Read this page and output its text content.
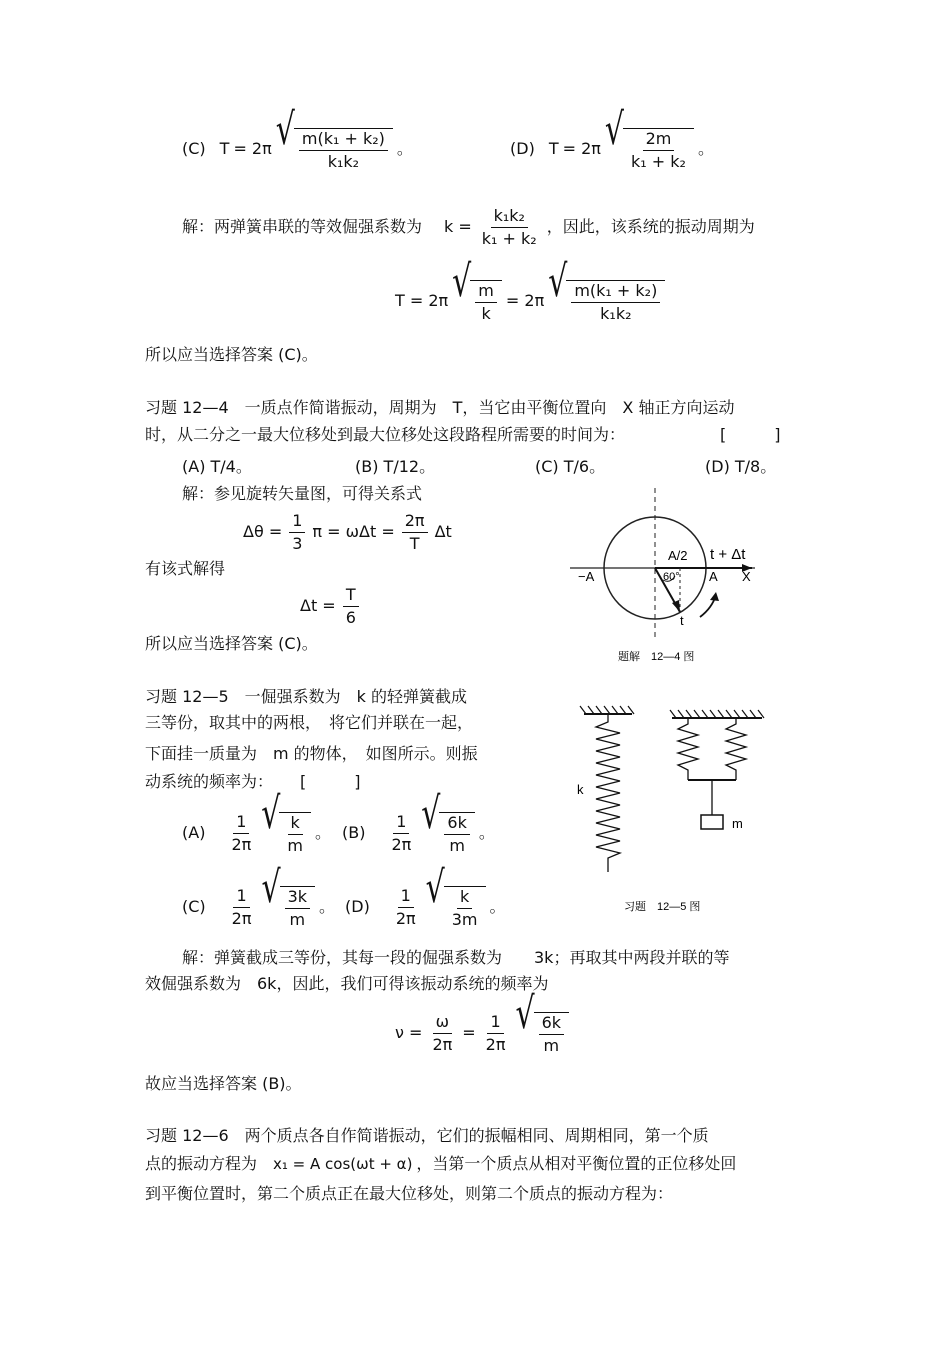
(C) T = 2π √ $\frac{\text{m(k₁ + k₂)}}{\text{k₁k₂}}$ 。	(D) T = 2π √ $\frac{2m}{\text{k₁ + k₂}}$ 。
解：两弹簧串联的等效倔强系数为 $k = \frac{\text{k₁k₂}}{\text{k₁ + k₂}}$ ，因此，该系统的振动周期为
T = 2π √ $\frac{m}{k} = 2\pi$ √ $\frac{\text{m(k₁ + k₂)}}{\text{k₁k₂}}$
所以应当选择答案 (C)。
习题 12—4　一质点作简谐振动，周期为　T，当它由平衡位置向　X 轴正方向运动
时，从二分之一最大位移处到最大位移处这段路程所需要的时间为：	[　　　]
(A) T/4。	(B) T/12。	(C) T/6。	(D) T/8。
解：参见旋转矢量图，可得关系式
$\Delta\theta = \frac{1}{3}$ $\pi = \omega\Delta t = \frac{2\pi}{T}$ Δt
有该式解得
$\Delta t = \frac{T}{6}$
所以应当选择答案 (C)。
A/2 t + Δt
−A	60° A X
t
题解　12—4 图
习题 12—5　一倔强系数为　k 的轻弹簧截成
三等份，取其中的两根，　将它们并联在一起，
下面挂一质量为　m 的物体，　如图所示。则振
动系统的频率为： [　　　]
$(A) \frac{1}{2\pi}$ √ $\frac{k}{m}$ 。 $(B) \frac{1}{2\pi}$ √ $\frac{6k}{m}$ 。
$(C) \frac{1}{2\pi}$ √ $\frac{3k}{m}$ 。 $(D) \frac{1}{2\pi}$ √ $\frac{k}{3m}$ 。
k
m
习题　12—5 图
解：弹簧截成三等份，其每一段的倔强系数为　　3k；再取其中两段并联的等
效倔强系数为　6k，因此，我们可得该振动系统的频率为
$\nu = \frac{\omega}{2\pi} = \frac{1}{2\pi}$ √ $\frac{6k}{m}$
故应当选择答案 (B)。
习题 12—6　两个质点各自作简谐振动，它们的振幅相同、周期相同，第一个质
点的振动方程为 x₁ = A cos(ωt + α) ，当第一个质点从相对平衡位置的正位移处回
到平衡位置时，第二个质点正在最大位移处，则第二个质点的振动方程为：
